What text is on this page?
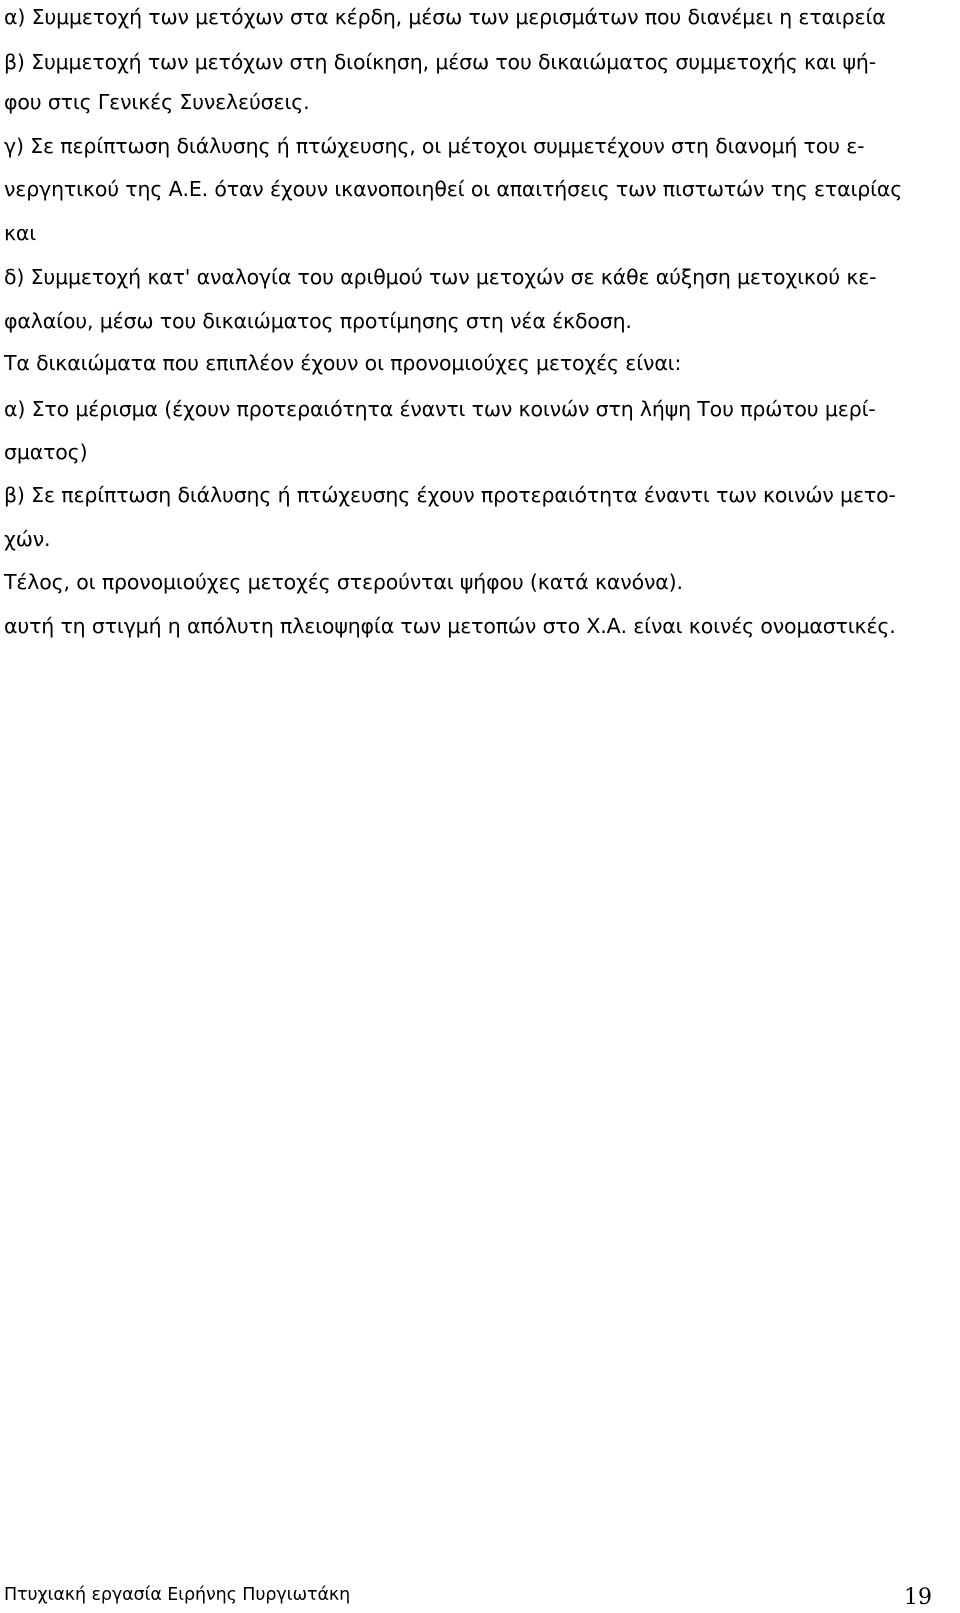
α) Συμμετοχή των μετόχων στα κέρδη, μέσω των μερισμάτων που διανέμει η εταιρεία
β) Συμμετοχή των μετόχων στη διοίκηση, μέσω του δικαιώματος συμμετοχής και ψή-
φου στις Γενικές Συνελεύσεις.
γ) Σε περίπτωση διάλυσης ή πτώχευσης, οι μέτοχοι συμμετέχουν στη διανομή του ε-
νεργητικού της Α.Ε. όταν έχουν ικανοποιηθεί οι απαιτήσεις των πιστωτών της εταιρίας
και
δ) Συμμετοχή κατ' αναλογία του αριθμού των μετοχών σε κάθε αύξηση μετοχικού κε-
φαλαίου, μέσω του δικαιώματος προτίμησης στη νέα έκδοση.
Τα δικαιώματα που επιπλέον έχουν οι προνομιούχες μετοχές είναι:
α) Στο μέρισμα (έχουν προτεραιότητα έναντι των κοινών στη λήψη Του πρώτου μερί-
σματος)
β) Σε περίπτωση διάλυσης ή πτώχευσης έχουν προτεραιότητα έναντι των κοινών μετο-
χών.
Τέλος, οι προνομιούχες μετοχές στερούνται ψήφου (κατά κανόνα).
αυτή τη στιγμή η απόλυτη πλειοψηφία των μετοπών στο Χ.Α. είναι κοινές ονομαστικές.
Πτυχιακή εργασία Ειρήνης Πυργιωτάκη	19
